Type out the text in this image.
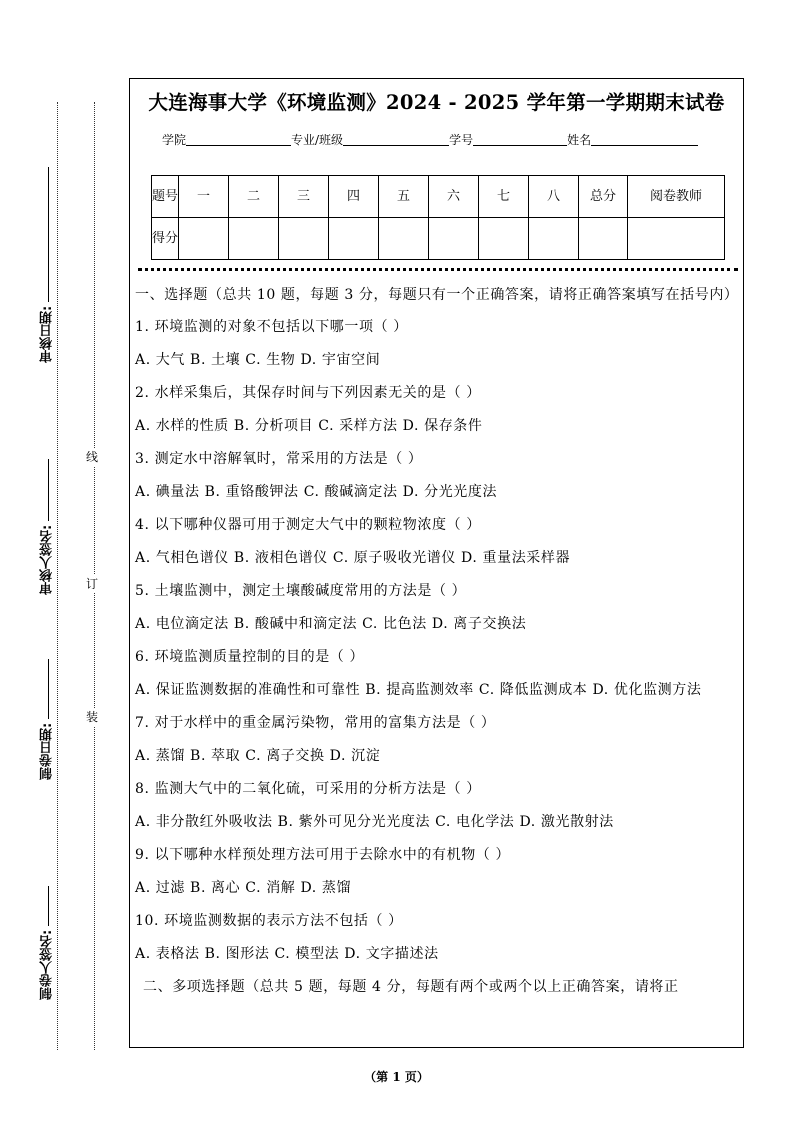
审核日期:
审核人签名:
制卷日期:
制卷人签名:
线
订
装
大连海事大学《环境监测》2024 - 2025 学年第一学期期末试卷
学院	专业/班级	学号	姓名
题号	一	二	三	四	五	六	七	八	总分	阅卷教师
得分										

一、选择题（总共 10 题，每题 3 分，每题只有一个正确答案，请将正确答案填写在括号内）

1. 环境监测的对象不包括以下哪一项（ ）

A. 大气 B. 土壤 C. 生物 D. 宇宙空间

2. 水样采集后，其保存时间与下列因素无关的是（ ）

A. 水样的性质 B. 分析项目 C. 采样方法 D. 保存条件

3. 测定水中溶解氧时，常采用的方法是（ ）

A. 碘量法 B. 重铬酸钾法 C. 酸碱滴定法 D. 分光光度法

4. 以下哪种仪器可用于测定大气中的颗粒物浓度（ ）

A. 气相色谱仪 B. 液相色谱仪 C. 原子吸收光谱仪 D. 重量法采样器

5. 土壤监测中，测定土壤酸碱度常用的方法是（ ）

A. 电位滴定法 B. 酸碱中和滴定法 C. 比色法 D. 离子交换法

6. 环境监测质量控制的目的是（ ）

A. 保证监测数据的准确性和可靠性 B. 提高监测效率 C. 降低监测成本 D. 优化监测方法

7. 对于水样中的重金属污染物，常用的富集方法是（ ）

A. 蒸馏 B. 萃取 C. 离子交换 D. 沉淀

8. 监测大气中的二氧化硫，可采用的分析方法是（ ）

A. 非分散红外吸收法 B. 紫外可见分光光度法 C. 电化学法 D. 激光散射法

9. 以下哪种水样预处理方法可用于去除水中的有机物（ ）

A. 过滤 B. 离心 C. 消解 D. 蒸馏

10. 环境监测数据的表示方法不包括（ ）

A. 表格法 B. 图形法 C. 模型法 D. 文字描述法

二、多项选择题（总共 5 题，每题 4 分，每题有两个或两个以上正确答案，请将正

（第 1 页）
